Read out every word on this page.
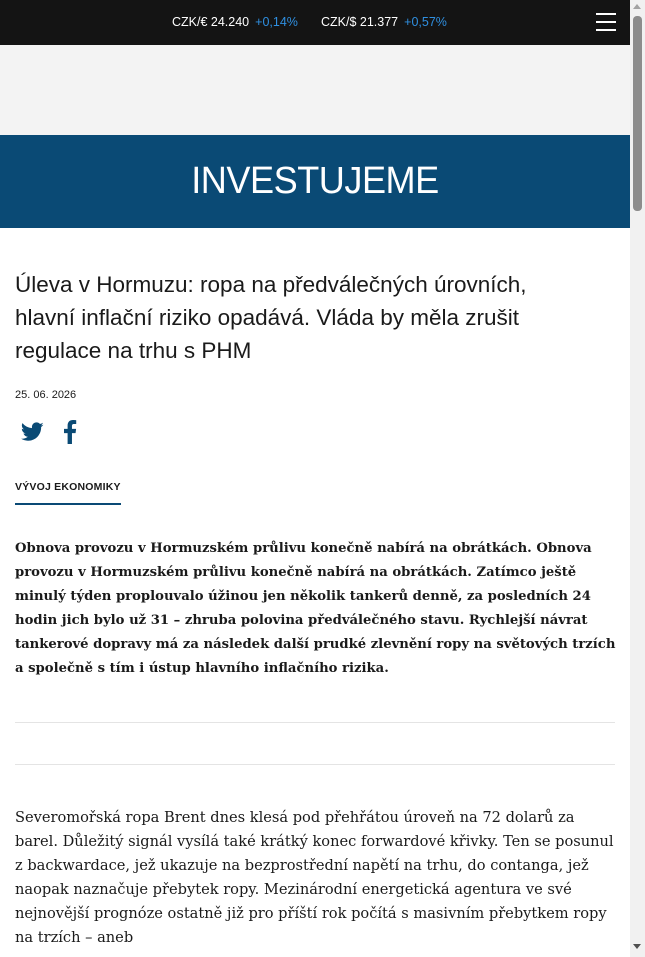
CZK/€ 24.240 +0,14% CZK/$ 21.377 +0,57%
INVESTUJEME
Úleva v Hormuzu: ropa na předválečných úrovních, hlavní inflační riziko opadává. Vláda by měla zrušit regulace na trhu s PHM
25. 06. 2026
VÝVOJ EKONOMIKY

Obnova provozu v Hormuzském průlivu konečně nabírá na obrátkách. Obnova provozu v Hormuzském průlivu konečně nabírá na obrátkách. Zatímco ještě minulý týden proplouvalo úžinou jen několik tankerů denně, za posledních 24 hodin jich bylo už 31 – zhruba polovina předválečného stavu. Rychlejší návrat tankerové dopravy má za následek další prudké zlevnění ropy na světových trzích a společně s tím i ústup hlavního inflačního rizika.

Severomořská ropa Brent dnes klesá pod přehřátou úroveň na 72 dolarů za barel. Důležitý signál vysílá také krátký konec forwardové křivky. Ten se posunul z backwardace, jež ukazuje na bezprostřední napětí na trhu, do contanga, jež naopak naznačuje přebytek ropy. Mezinárodní energetická agentura ve své nejnovější prognóze ostatně již pro příští rok počítá s masivním přebytkem ropy na trzích – aneb
